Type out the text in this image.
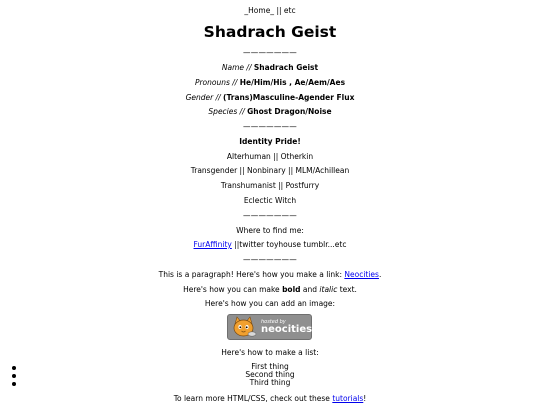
_Home_ || etc
Shadrach Geist
———————
Name // Shadrach Geist
Pronouns // He/Him/His , Ae/Aem/Aes
Gender // (Trans)Masculine-Agender Flux
Species // Ghost Dragon/Noise
———————
Identity Pride!
Alterhuman || Otherkin
Transgender || Nonbinary || MLM/Achillean
Transhumanist || Postfurry
Eclectic Witch
———————
Where to find me:
FurAffinity ||twitter toyhouse tumblr...etc
———————
This is a paragraph! Here's how you make a link: Neocities.
Here's how you can make bold and italic text.
Here's how you can add an image:
hosted by
neocities
Here's how to make a list:
First thing
Second thing
Third thing
To learn more HTML/CSS, check out these tutorials!
